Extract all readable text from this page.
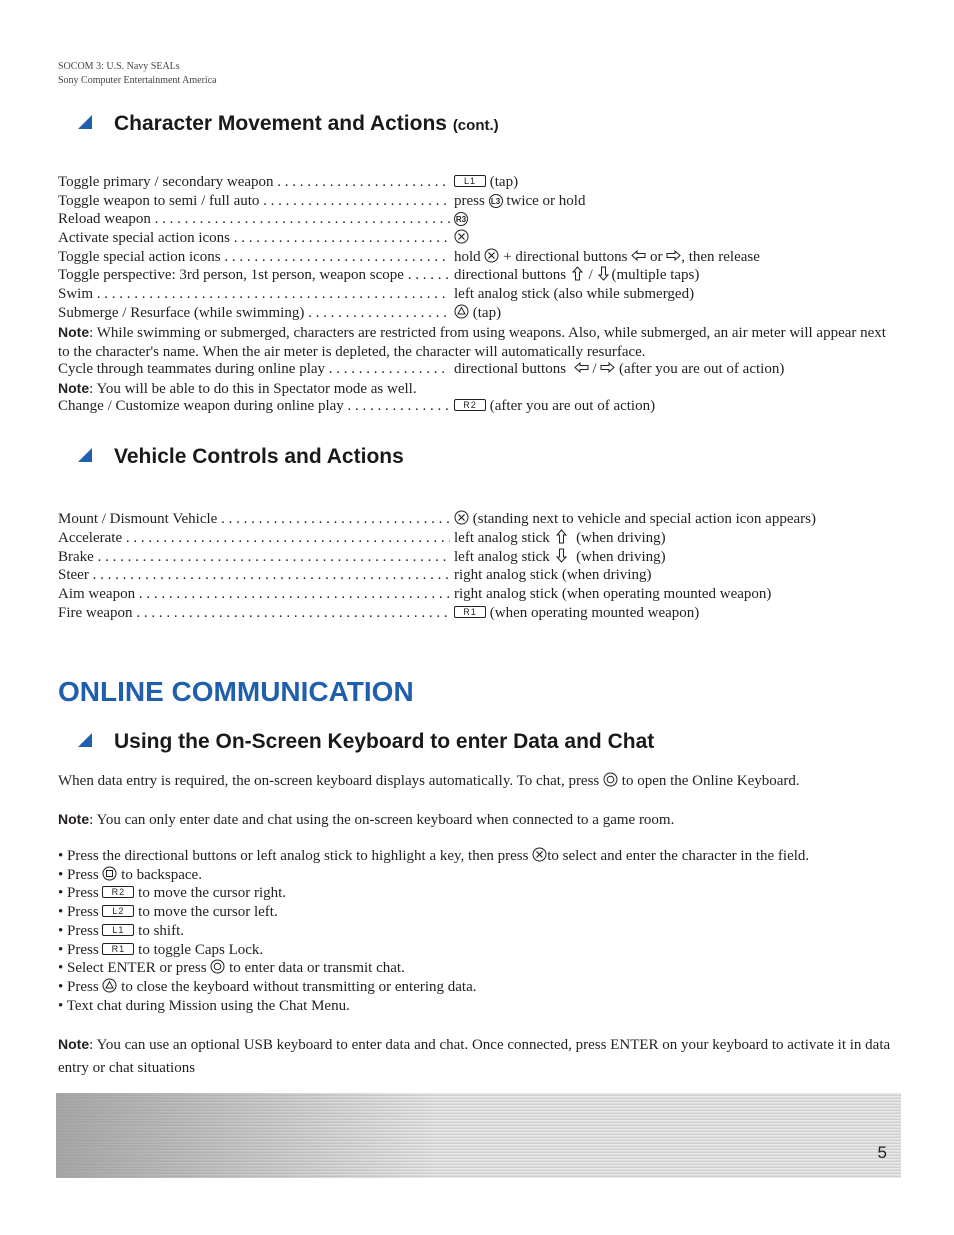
SOCOM 3: U.S. Navy SEALs
Sony Computer Entertainment America
Character Movement and Actions (cont.)
Toggle primary / secondary weapon . . .	L1 (tap)
Toggle weapon to semi / full auto . . .	press L3 twice or hold
Reload weapon . . .	R3
Activate special action icons . . .
Toggle special action icons . . .	hold + directional buttons or , then release
Toggle perspective: 3rd person, 1st person, weapon scope . . .	directional buttons / (multiple taps)
Swim . . .	left analog stick (also while submerged)
Submerge / Resurface (while swimming) . . .	(tap)
Note: While swimming or submerged, characters are restricted from using weapons. Also, while submerged, an air meter will appear next to the character's name. When the air meter is depleted, the character will automatically resurface.
Cycle through teammates during online play . . .	directional buttons / (after you are out of action)
Note: You will be able to do this in Spectator mode as well.
Change / Customize weapon during online play . . .	R2 (after you are out of action)
Vehicle Controls and Actions
Mount / Dismount Vehicle . . .	(standing next to vehicle and special action icon appears)
Accelerate . . .	left analog stick (when driving)
Brake . . .	left analog stick (when driving)
Steer . . .	right analog stick (when driving)
Aim weapon . . .	right analog stick (when operating mounted weapon)
Fire weapon . . .	R1 (when operating mounted weapon)
ONLINE COMMUNICATION
Using the On-Screen Keyboard to enter Data and Chat
When data entry is required, the on-screen keyboard displays automatically. To chat, press to open the Online Keyboard.
Note: You can only enter date and chat using the on-screen keyboard when connected to a game room.
• Press the directional buttons or left analog stick to highlight a key, then press to select and enter the character in the field.
• Press to backspace.
• Press R2 to move the cursor right.
• Press L2 to move the cursor left.
• Press L1 to shift.
• Press R1 to toggle Caps Lock.
• Select ENTER or press to enter data or transmit chat.
• Press to close the keyboard without transmitting or entering data.
• Text chat during Mission using the Chat Menu.
Note: You can use an optional USB keyboard to enter data and chat. Once connected, press ENTER on your keyboard to activate it in data entry or chat situations
5
